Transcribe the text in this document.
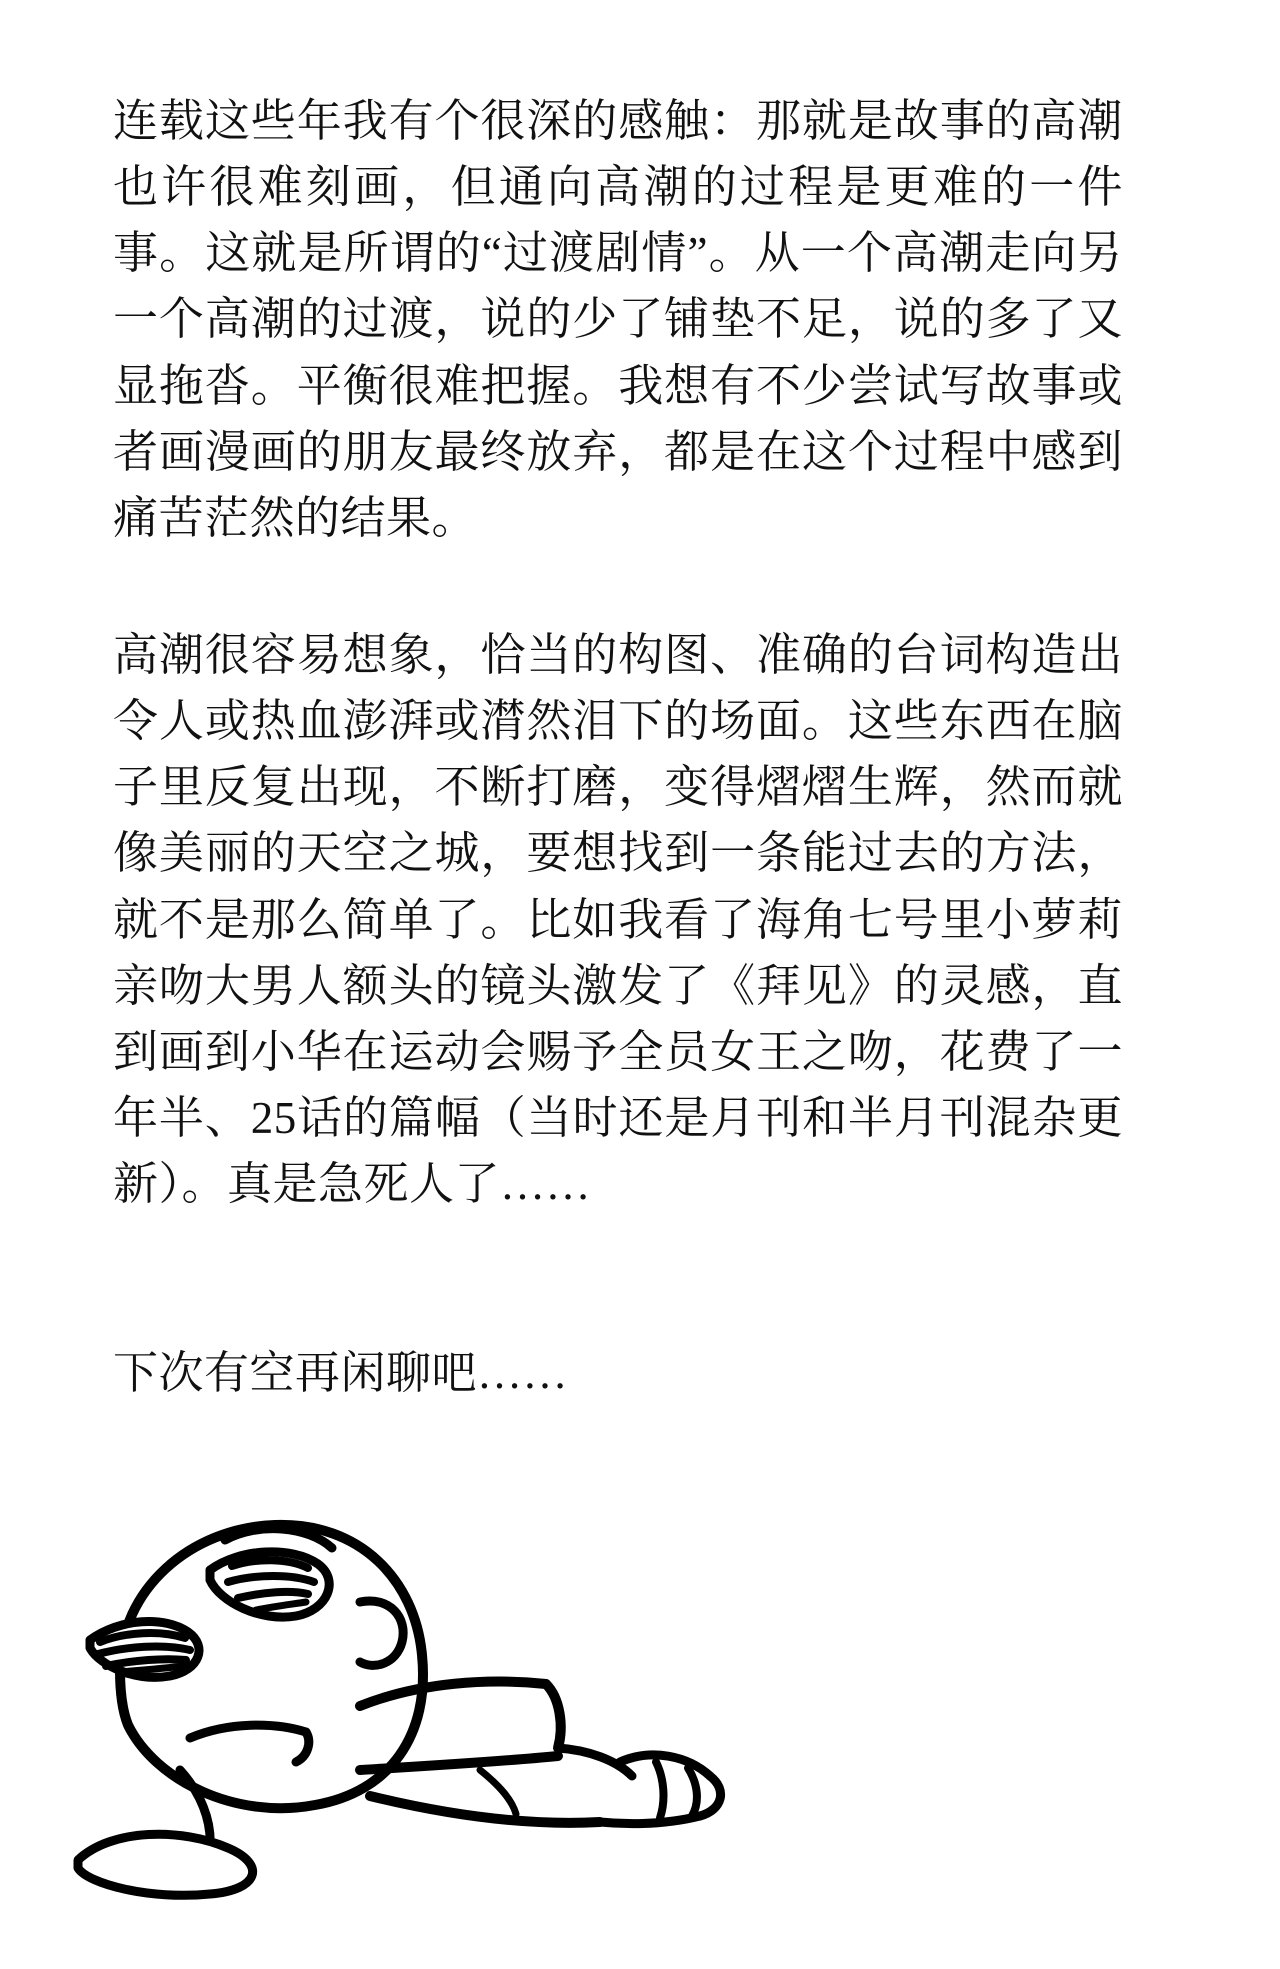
连载这些年我有个很深的感触：那就是故事的高潮也许很难刻画，但通向高潮的过程是更难的一件事。这就是所谓的“过渡剧情”。从一个高潮走向另一个高潮的过渡，说的少了铺垫不足，说的多了又显拖沓。平衡很难把握。我想有不少尝试写故事或者画漫画的朋友最终放弃，都是在这个过程中感到痛苦茫然的结果。
高潮很容易想象，恰当的构图、准确的台词构造出令人或热血澎湃或潸然泪下的场面。这些东西在脑子里反复出现，不断打磨，变得熠熠生辉，然而就像美丽的天空之城，要想找到一条能过去的方法，就不是那么简单了。比如我看了海角七号里小萝莉亲吻大男人额头的镜头激发了《拜见》的灵感，直到画到小华在运动会赐予全员女王之吻，花费了一年半、25话的篇幅（当时还是月刊和半月刊混杂更新）。真是急死人了……
下次有空再闲聊吧……
